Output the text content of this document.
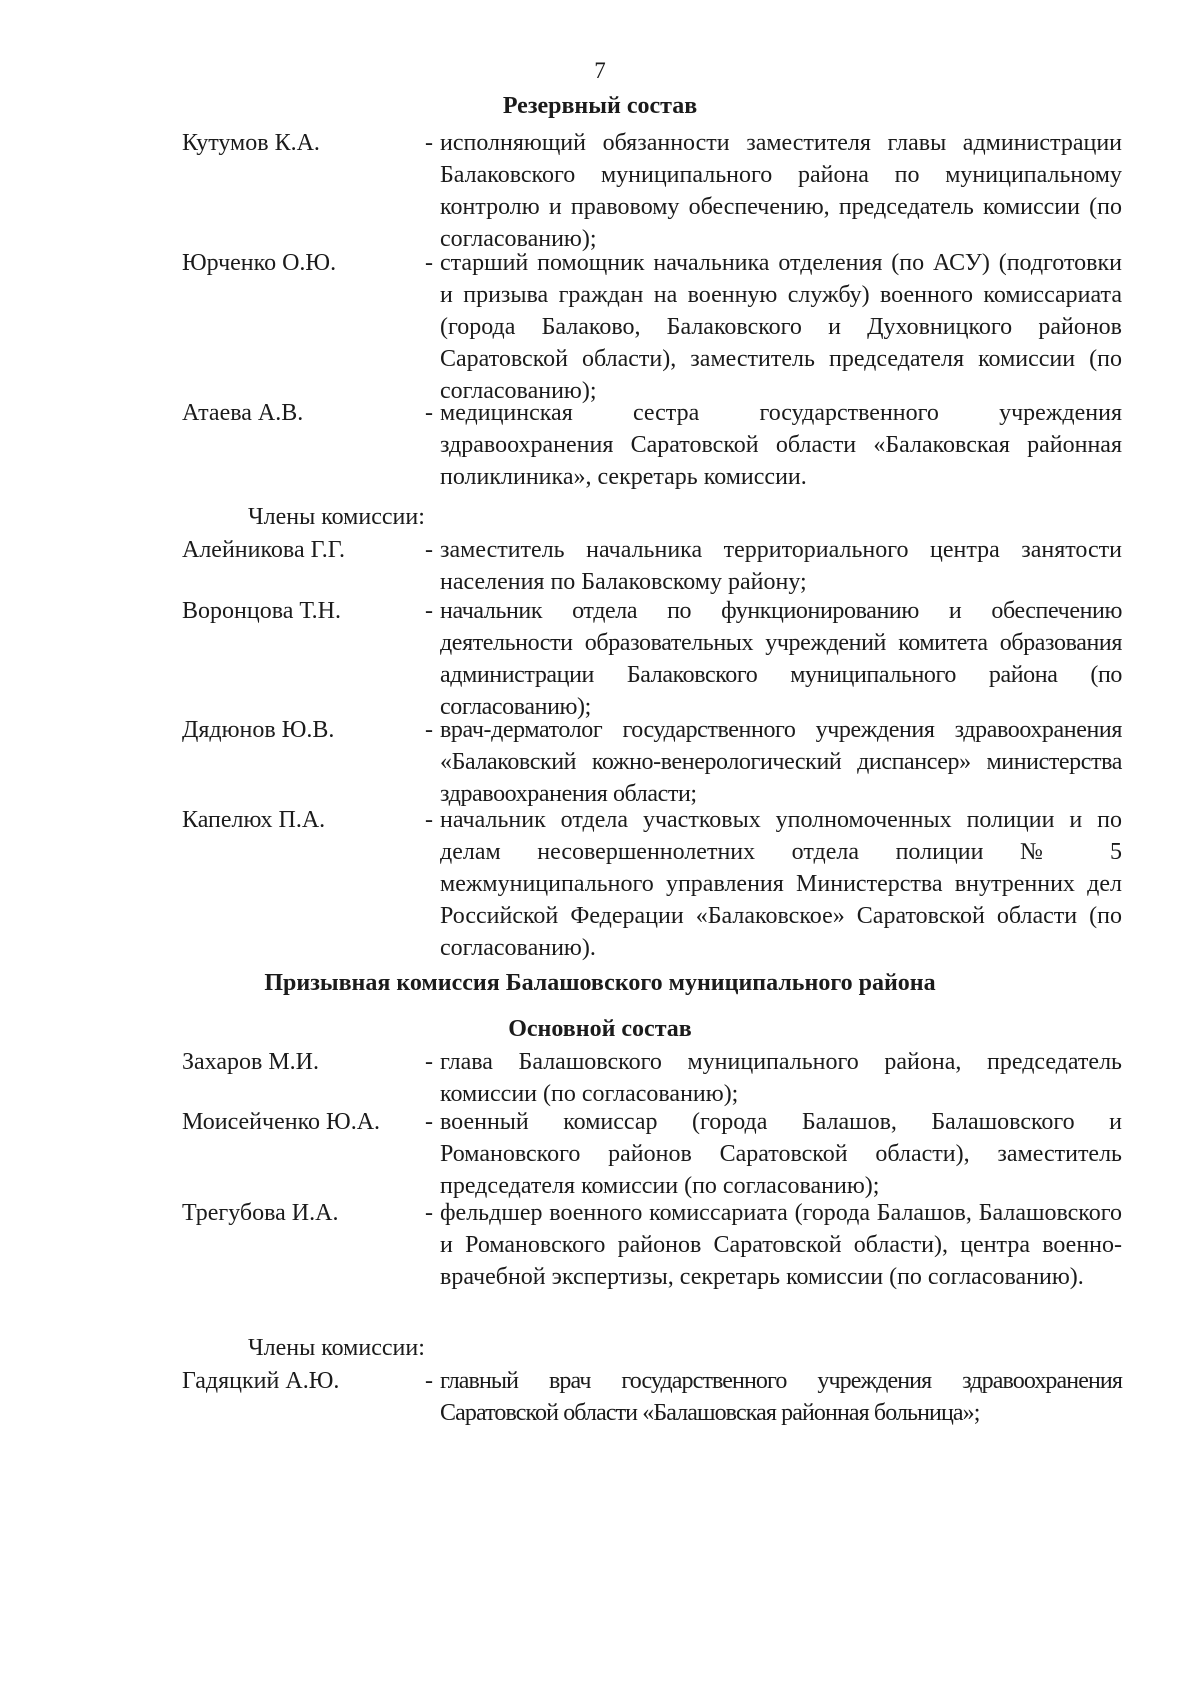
7
Резервный состав
Кутумов К.А.	- исполняющий обязанности заместителя главы администрации Балаковского муниципального района по муниципальному контролю и правовому обеспечению, председатель комиссии (по согласованию);
Юрченко О.Ю.	- старший помощник начальника отделения (по АСУ) (подготовки и призыва граждан на военную службу) военного комиссариата (города Балаково, Балаковского и Духовницкого районов Саратовской области), заместитель председателя комиссии (по согласованию);
Атаева А.В.	- медицинская сестра государственного учреждения здравоохранения Саратовской области «Балаковская районная поликлиника», секретарь комиссии.
Члены комиссии:
Алейникова Г.Г.	- заместитель начальника территориального центра занятости населения по Балаковскому району;
Воронцова Т.Н.	- начальник отдела по функционированию и обеспечению деятельности образовательных учреждений комитета образования администрации Балаковского муниципального района (по согласованию);
Дядюнов Ю.В.	- врач-дерматолог государственного учреждения здравоохранения «Балаковский кожно-венерологический диспансер» министерства здравоохранения области;
Капелюх П.А.	- начальник отдела участковых уполномоченных полиции и по делам несовершеннолетних отдела полиции № 5 межмуниципального управления Министерства внутренних дел Российской Федерации «Балаковское» Саратовской области (по согласованию).
Призывная комиссия Балашовского муниципального района
Основной состав
Захаров М.И.	- глава Балашовского муниципального района, председатель комиссии (по согласованию);
Моисейченко Ю.А. - военный комиссар (города Балашов, Балашовского и Романовского районов Саратовской области), заместитель председателя комиссии (по согласованию);
Трегубова И.А.	- фельдшер военного комиссариата (города Балашов, Балашовского и Романовского районов Саратовской области), центра военно-врачебной экспертизы, секретарь комиссии (по согласованию).
Члены комиссии:
Гадяцкий А.Ю.	- главный врач государственного учреждения здравоохранения Саратовской области «Балашовская районная больница»;
